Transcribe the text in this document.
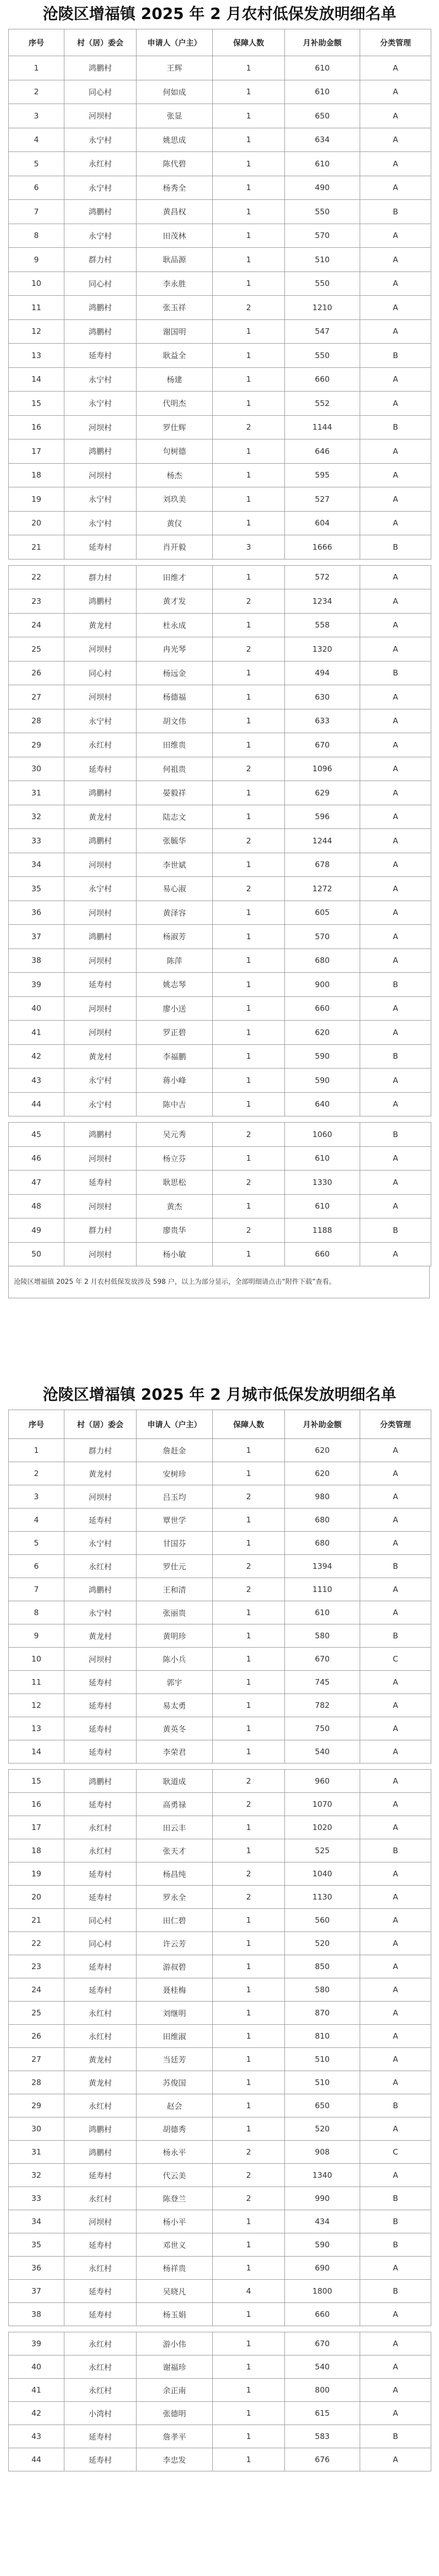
沧陵区增福镇 2025 年 2 月农村低保发放明细名单
序号	村（居）委会	申请人（户主）	保障人数	月补助金额	分类管理
1	鸿鹏村	王辉	1	610	A
2	同心村	何如成	1	610	A
3	河坝村	张显	1	650	A
4	永宁村	姚思成	1	634	A
5	永红村	陈代碧	1	610	A
6	永宁村	杨秀全	1	490	A
7	鸿鹏村	黄昌权	1	550	B
8	永宁村	田茂林	1	570	A
9	群力村	耿品源	1	510	A
10	同心村	李永胜	1	550	A
11	鸿鹏村	张玉祥	2	1210	A
12	鸿鹏村	谢国明	1	547	A
13	延寿村	耿益全	1	550	B
14	永宁村	杨建	1	660	A
15	永宁村	代明杰	1	552	A
16	河坝村	罗仕辉	2	1144	B
17	鸿鹏村	句树德	1	646	A
18	河坝村	杨杰	1	595	A
19	永宁村	刘玖美	1	527	A
20	永宁村	黄仪	1	604	A
21	延寿村	肖开毅	3	1666	B

22	群力村	田维才	1	572	A
23	鸿鹏村	黄才发	2	1234	A
24	黄龙村	杜永成	1	558	A
25	河坝村	冉光琴	2	1320	A
26	同心村	杨远金	1	494	B
27	河坝村	杨德福	1	630	A
28	永宁村	胡文伟	1	633	A
29	永红村	田维贵	1	670	A
30	延寿村	何祖贵	2	1096	A
31	鸿鹏村	晏毅祥	1	629	A
32	黄龙村	陆志文	1	596	A
33	鸿鹏村	张毓华	2	1244	A
34	河坝村	李世斌	1	678	A
35	永宁村	易心淑	2	1272	A
36	河坝村	黄泽容	1	605	A
37	鸿鹏村	杨淑芳	1	570	A
38	河坝村	陈萍	1	680	A
39	延寿村	姚志琴	1	900	B
40	河坝村	廖小送	1	660	A
41	河坝村	罗正碧	1	620	A
42	黄龙村	李福鹏	1	590	B
43	永宁村	蒋小峰	1	590	A
44	永宁村	陈中吉	1	640	A

45	鸿鹏村	吴元秀	2	1060	B
46	河坝村	杨立芬	1	610	A
47	延寿村	耿思松	2	1330	A
48	河坝村	黄杰	1	610	A
49	群力村	廖贵华	2	1188	B
50	河坝村	杨小敏	1	660	A
沧陵区增福镇 2025 年 2 月农村低保发放涉及 598 户，以上为部分显示，全部明细请点击“附件下载”查看。
沧陵区增福镇 2025 年 2 月城市低保发放明细名单
序号	村（居）委会	申请人（户主）	保障人数	月补助金额	分类管理
1	群力村	詹赶金	1	620	A
2	黄龙村	安树珍	1	620	A
3	河坝村	吕玉均	2	980	A
4	延寿村	覃世学	1	680	A
5	永宁村	甘国芬	1	680	A
6	永红村	罗仕元	2	1394	B
7	鸿鹏村	王和清	2	1110	A
8	永宁村	张丽贵	1	610	A
9	黄龙村	黄明珍	1	580	B
10	河坝村	陈小兵	1	670	C
11	延寿村	郭宇	1	745	A
12	延寿村	易太勇	1	782	A
13	延寿村	黄英冬	1	750	A
14	延寿村	李荣君	1	540	A

15	鸿鹏村	耿道成	2	960	A
16	延寿村	高勇禄	2	1070	A
17	永红村	田云丰	1	1020	A
18	永红村	张天才	1	525	B
19	延寿村	杨昌纯	2	1040	A
20	延寿村	罗永全	2	1130	A
21	同心村	田仁碧	1	560	A
22	同心村	许云芳	1	520	A
23	延寿村	游叔碧	1	850	A
24	延寿村	聂桂梅	1	580	A
25	永红村	刘继明	1	870	A
26	永红村	田维淑	1	810	A
27	黄龙村	当廷芳	1	510	A
28	黄龙村	苏俊国	1	510	A
29	永红村	赵会	1	650	B
30	鸿鹏村	胡德秀	1	520	A
31	鸿鹏村	杨永平	2	908	C
32	延寿村	代云美	2	1340	A
33	永红村	陈登兰	2	990	B
34	河坝村	杨小平	1	434	B
35	延寿村	邓世义	1	590	B
36	永红村	杨祥贵	1	690	A
37	延寿村	吴晓凡	4	1800	B
38	延寿村	杨玉娟	1	660	A

39	永红村	游小伟	1	670	A
40	永红村	谢福珍	1	540	A
41	永红村	余正南	1	800	A
42	小湾村	张德明	1	615	A
43	延寿村	詹孝平	1	583	B
44	延寿村	李忠发	1	676	A
